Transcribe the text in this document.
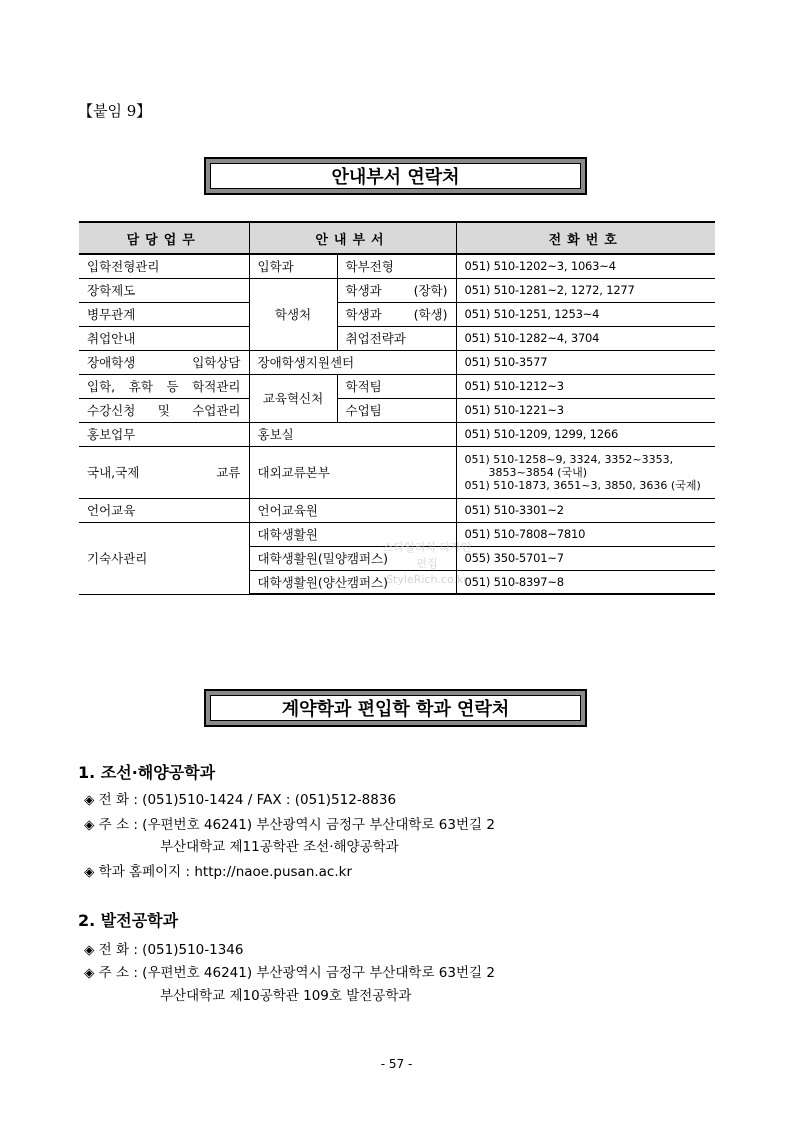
【붙임 9】
안내부서 연락처
담당업무	안내부서		전화번호
입학전형관리	입학과	학부전형	051) 510-1202~3, 1063~4
장학제도	학생처	학생과 (장학)	051) 510-1281~2, 1272, 1277
병무관계		학생과 (학생)	051) 510-1251, 1253~4
취업안내		취업전략과	051) 510-1282~4, 3704
장애학생 입학상담	장애학생지원센터		051) 510-3577
입학, 휴학 등 학적관리	교육혁신처	학적팀	051) 510-1212~3
수강신청 및 수업관리		수업팀	051) 510-1221~3
홍보업무	홍보실		051) 510-1209, 1299, 1266
국내,국제 교류	대외교류본부		051) 510-1258~9, 3324, 3352~3353,
3853~3854 (국내)
051) 510-1873, 3651~3, 3850, 3636 (국제)

언어교육	언어교육원		051) 510-3301~2
기숙사관리	대학생활원		051) 510-7808~7810
	대학생활원(밀양캠퍼스)		055) 350-5701~7
	대학생활원(양산캠퍼스)		051) 510-8397~8
스타일리치 디자인편집 StyleRich.co.kr
계약학과 편입학 학과 연락처
1. 조선·해양공학과
◈ 전 화 : (051)510-1424 / FAX : (051)512-8836
◈ 주 소 : (우편번호 46241) 부산광역시 금정구 부산대학로 63번길 2
부산대학교 제11공학관 조선·해양공학과
◈ 학과 홈페이지 : http://naoe.pusan.ac.kr
2. 발전공학과
◈ 전 화 : (051)510-1346
◈ 주 소 : (우편번호 46241) 부산광역시 금정구 부산대학로 63번길 2
부산대학교 제10공학관 109호 발전공학과
- 57 -
